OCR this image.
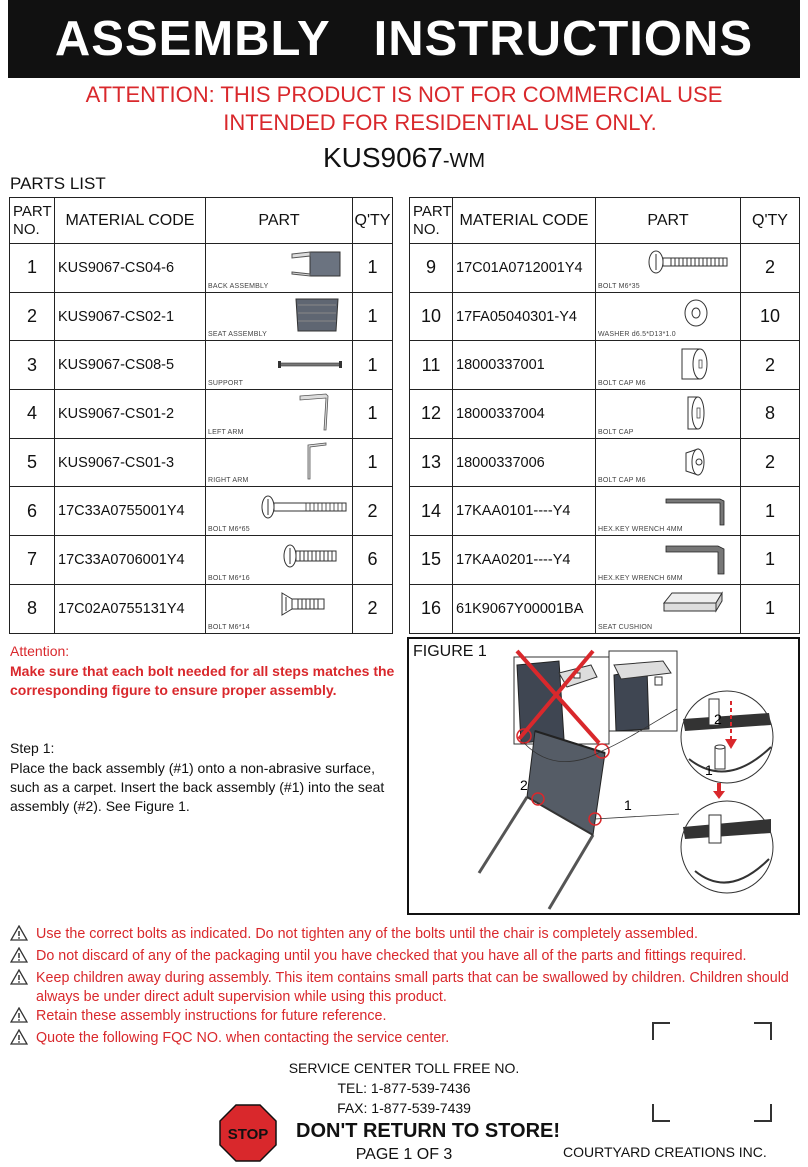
ASSEMBLY   INSTRUCTIONS
ATTENTION: THIS PRODUCT IS NOT FOR COMMERCIAL USE
INTENDED FOR RESIDENTIAL USE ONLY.
KUS9067-WM
PARTS LIST
PART
NO.	MATERIAL CODE	PART	Q'TY
1	KUS9067-CS04-6	BACK ASSEMBLY	1
2	KUS9067-CS02-1	SEAT ASSEMBLY	1
3	KUS9067-CS08-5	SUPPORT	1
4	KUS9067-CS01-2	LEFT ARM	1
5	KUS9067-CS01-3	RIGHT ARM	1
6	17C33A0755001Y4	BOLT M6*65	2
7	17C33A0706001Y4	BOLT M6*16	6
8	17C02A0755131Y4	BOLT M6*14	2
PART
NO.	MATERIAL CODE	PART	Q'TY
9	17C01A0712001Y4	BOLT M6*35	2
10	17FA05040301-Y4	WASHER d6.5*D13*1.0	10
11	18000337001	BOLT CAP M6	2
12	18000337004	BOLT CAP	8
13	18000337006	BOLT CAP M6	2
14	17KAA0101----Y4	HEX.KEY WRENCH 4MM	1
15	17KAA0201----Y4	HEX.KEY WRENCH 6MM	1
16	61K9067Y00001BA	SEAT CUSHION	1
Attention:
Make sure that each bolt needed for all steps matches the corresponding figure to ensure proper assembly.
Step 1:
Place the back assembly (#1) onto a non-abrasive surface, such as a carpet. Insert the back assembly (#1) into the seat assembly (#2). See Figure 1.
FIGURE 1
2
1
2
1
Use the correct bolts as indicated. Do not tighten any of the bolts until the chair is completely assembled.
Do not discard of any of the packaging until you have checked that you have all of the parts and fittings required.
Keep children away during assembly. This item contains small parts that can be swallowed by children. Children should always be under direct adult supervision while using this product.
Retain these assembly instructions for future reference.
Quote the following FQC NO. when contacting the service center.
SERVICE CENTER TOLL FREE NO.
TEL: 1-877-539-7436
FAX: 1-877-539-7439
STOP DON'T RETURN TO STORE!
PAGE 1 OF 3	COURTYARD CREATIONS INC.
